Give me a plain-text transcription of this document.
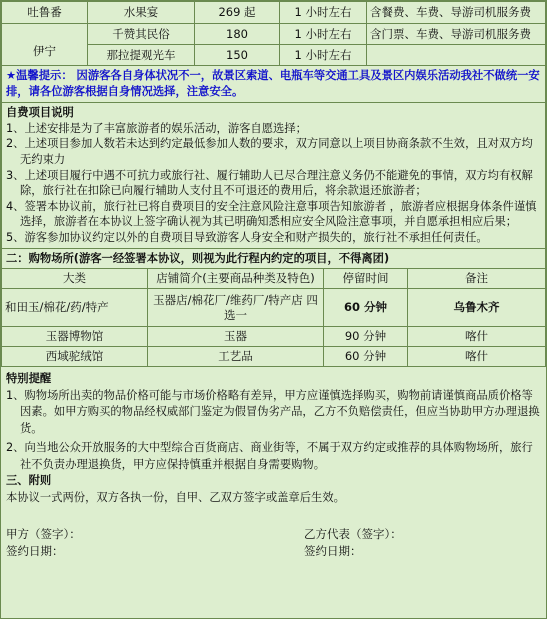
吐鲁番	水果宴	269 起	1 小时左右	含餐费、车费、导游司机服务费
伊宁	千赞其民俗	180	1 小时左右	含门票、车费、导游司机服务费
	那拉提观光车	150	1 小时左右	
★温馨提示： 因游客各自身体状况不一，故景区索道、电瓶车等交通工具及景区内娱乐活动我社不做统一安排，请各位游客根据自身情况选择，注意安全。
自费项目说明

1、上述安排是为了丰富旅游者的娱乐活动，游客自愿选择；

2、上述项目参加人数若未达到约定最低参加人数的要求，双方同意以上项目协商条款不生效，且对双方均无约束力

3、上述项目履行中遇不可抗力或旅行社、履行辅助人已尽合理注意义务仍不能避免的事情，双方均有权解除，旅行社在扣除已向履行辅助人支付且不可退还的费用后，将余款退还旅游者；

4、签署本协议前，旅行社已将自费项目的安全注意风险注意事项告知旅游者 ，旅游者应根据身体条件谨慎选择，旅游者在本协议上签字确认视为其已明确知悉相应安全风险注意事项，并自愿承担相应后果；

5、游客参加协议约定以外的自费项目导致游客人身安全和财产损失的，旅行社不承担任何责任。

二：购物场所(游客一经签署本协议，则视为此行程内约定的项目，不得离团)
大类	店铺简介(主要商品种类及特色)	停留时间	备注
和田玉/棉花/药/特产	玉器店/棉花厂/维药厂/特产店 四选一	60 分钟	乌鲁木齐
玉器博物馆	玉器	90 分钟	喀什
西域驼绒馆	工艺品	60 分钟	喀什
特别提醒

1、购物场所出卖的物品价格可能与市场价格略有差异，甲方应谨慎选择购买，购物前请谨慎商品质价格等因素。如甲方购买的物品经权威部门鉴定为假冒伪劣产品，乙方不负赔偿责任，但应当协助甲方办理退换货。

2、向当地公众开放服务的大中型综合百货商店、商业街等，不属于双方约定或推荐的具体购物场所，旅行社不负责办理退换货，甲方应保持慎重并根据自身需要购物。

三、附则

本协议一式两份，双方各执一份，自甲、乙双方签字或盖章后生效。

甲方（签字）：	乙方代表（签字）：
签约日期：	签约日期：
